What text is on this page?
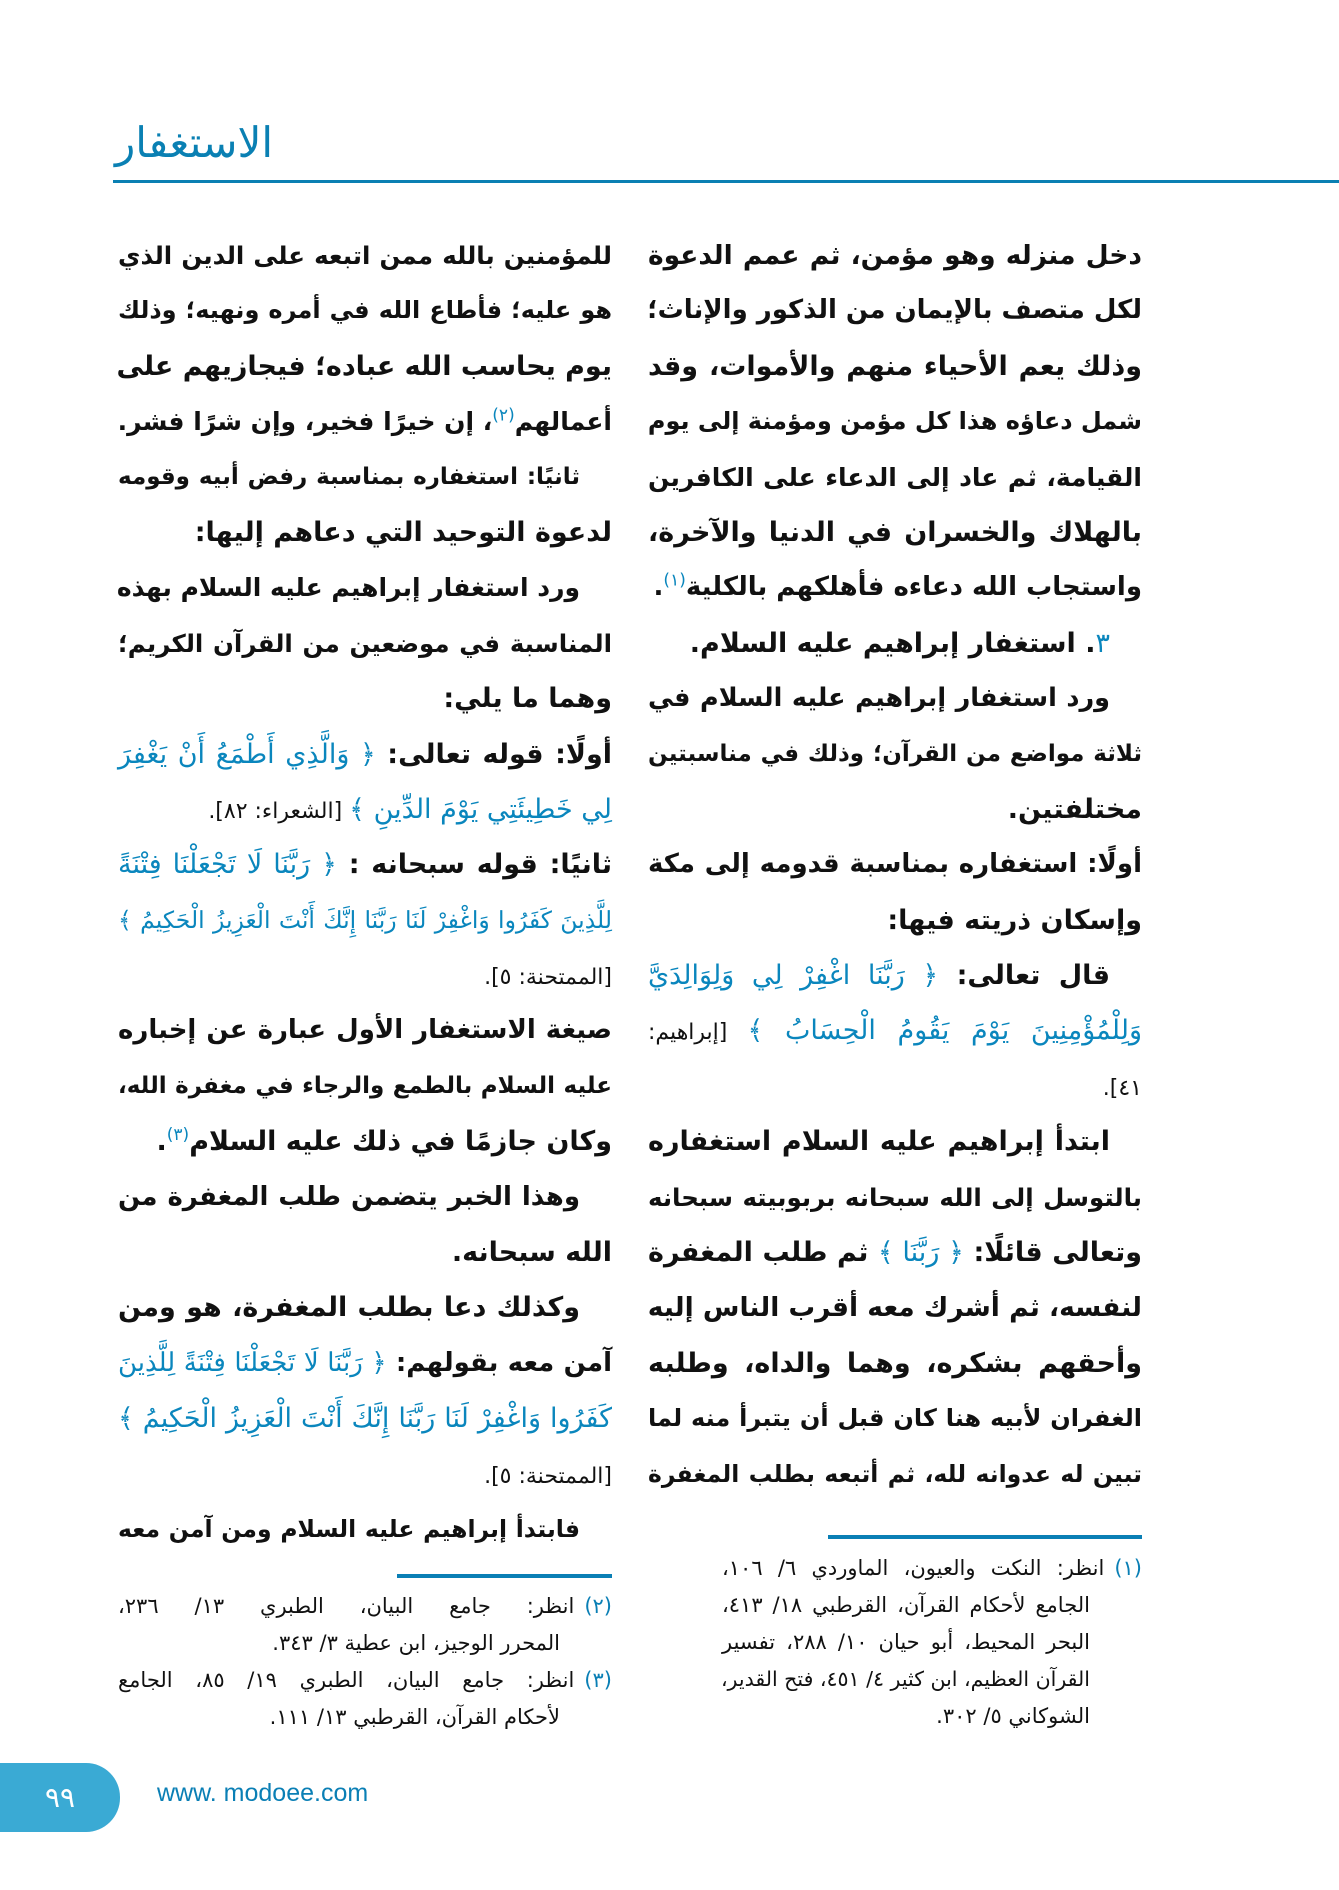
الاستغفار
دخل منزله وهو مؤمن، ثم عمم الدعوة
لكل متصف بالإيمان من الذكور والإناث؛
وذلك يعم الأحياء منهم والأموات، وقد
شمل دعاؤه هذا كل مؤمن ومؤمنة إلى يوم
القيامة، ثم عاد إلى الدعاء على الكافرين
بالهلاك والخسران في الدنيا والآخرة،
واستجاب الله دعاءه فأهلكهم بالكلية$^{(١)}$.
٣. استغفار إبراهيم عليه السلام.
ورد استغفار إبراهيم عليه السلام في
ثلاثة مواضع من القرآن؛ وذلك في مناسبتين
مختلفتين.
أولًا: استغفاره بمناسبة قدومه إلى مكة
وإسكان ذريته فيها:
قال تعالى: ﴿ رَبَّنَا اغْفِرْ لِي وَلِوَالِدَيَّ
وَلِلْمُؤْمِنِينَ يَوْمَ يَقُومُ الْحِسَابُ ﴾ [إبراهيم:
٤١].
ابتدأ إبراهيم عليه السلام استغفاره
بالتوسل إلى الله سبحانه بربوبيته سبحانه
وتعالى قائلًا: ﴿ رَبَّنَا ﴾ ثم طلب المغفرة
لنفسه، ثم أشرك معه أقرب الناس إليه
وأحقهم بشكره، وهما والداه، وطلبه
الغفران لأبيه هنا كان قبل أن يتبرأ منه لما
تبين له عدوانه لله، ثم أتبعه بطلب المغفرة
للمؤمنين بالله ممن اتبعه على الدين الذي
هو عليه؛ فأطاع الله في أمره ونهيه؛ وذلك
يوم يحاسب الله عباده؛ فيجازيهم على
أعمالهم$^{(٢)}$، إن خيرًا فخير، وإن شرًا فشر.
ثانيًا: استغفاره بمناسبة رفض أبيه وقومه
لدعوة التوحيد التي دعاهم إليها:
ورد استغفار إبراهيم عليه السلام بهذه
المناسبة في موضعين من القرآن الكريم؛
وهما ما يلي:
أولًا: قوله تعالى: ﴿ وَالَّذِي أَطْمَعُ أَنْ يَغْفِرَ
لِي خَطِيئَتِي يَوْمَ الدِّينِ ﴾ [الشعراء: ٨٢].
ثانيًا: قوله سبحانه : ﴿ رَبَّنَا لَا تَجْعَلْنَا فِتْنَةً
لِلَّذِينَ كَفَرُوا وَاغْفِرْ لَنَا رَبَّنَا إِنَّكَ أَنْتَ الْعَزِيزُ الْحَكِيمُ ﴾
[الممتحنة: ٥].
صيغة الاستغفار الأول عبارة عن إخباره
عليه السلام بالطمع والرجاء في مغفرة الله،
وكان جازمًا في ذلك عليه السلام$^{(٣)}$.
وهذا الخبر يتضمن طلب المغفرة من
الله سبحانه.
وكذلك دعا بطلب المغفرة، هو ومن
آمن معه بقولهم: ﴿ رَبَّنَا لَا تَجْعَلْنَا فِتْنَةً لِلَّذِينَ
كَفَرُوا وَاغْفِرْ لَنَا رَبَّنَا إِنَّكَ أَنْتَ الْعَزِيزُ الْحَكِيمُ ﴾
[الممتحنة: ٥].
فابتدأ إبراهيم عليه السلام ومن آمن معه
(١)انظر: النكت والعيون، الماوردي ٦/ ١٠٦،
الجامع لأحكام القرآن، القرطبي ١٨/ ٤١٣،
البحر المحيط، أبو حيان ١٠/ ٢٨٨، تفسير
القرآن العظيم، ابن كثير ٤/ ٤٥١، فتح القدير،
الشوكاني ٥/ ٣٠٢.
(٢)انظر: جامع البيان، الطبري ١٣/ ٢٣٦،
المحرر الوجيز، ابن عطية ٣/ ٣٤٣.
(٣)انظر: جامع البيان، الطبري ١٩/ ٨٥، الجامع
لأحكام القرآن، القرطبي ١٣/ ١١١.
٩٩	www. modoee.com
